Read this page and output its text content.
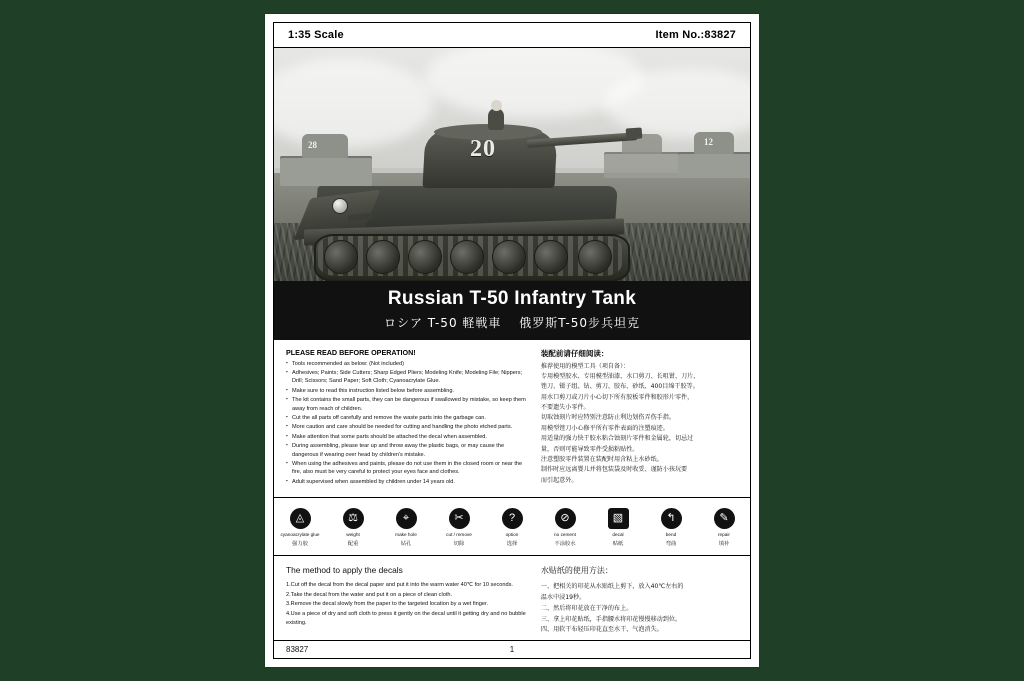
1:35 Scale	Item No.:83827
28	12
20
Russian T-50 Infantry Tank
ロシア T-50 軽戦車　 俄罗斯T-50步兵坦克
PLEASE READ BEFORE OPERATION!
▪ Tools recommended as below: (Not included)
▪ Adhesives; Paints; Side Cutters; Sharp Edged Pliers; Modeling Knife; Modeling File; Nippers; Drill; Scissors; Sand Paper; Soft Cloth; Cyanoacrylate Glue.
▪ Make sure to read this instruction listed below before assembling.
▪ The kit contains the small parts, they can be dangerous if swallowed by mistake, so keep them away from reach of children.
▪ Cut the all parts off carefully and remove the waste parts into the garbage can.
▪ More caution and care should be needed for cutting and handling the photo etched parts.
▪ Make attention that some parts should be attached the decal when assembled.
▪ During assembling, please tear up and throw away the plastic bags, or may cause the dangerous if wearing over head by children's mistake.
▪ When using the adhesives and paints, please do not use them in the closed room or near the fire, also must be very careful to protect your eyes face and clothes.
▪ Adult supervised when assembled by children under 14 years old.

装配前请仔细阅读：

推荐使用的模型工具（项自备）：
专用模型胶水、专用模型油漆、水口剪刀、长咀钳、刀片、
锉刀、镊子组、钻、剪刀、胶布、砂纸、400目绵干胶等。
用水口剪刀或刀片小心切下所有胶板零件和胶形片零件，
不要遗失小零件。
切取蚀刻片时应特别注意防止利边划伤弄伤手指。
用模型锉刀小心修平所有零件表面的注塑痕迹。
用适量的强力快干胶水粘合蚀刻片零件和金属轮，切忌过
量，否则可能导致零件受损粘贴性。
注意塑胶零件装置在装配时用含粘上水砂纸。
制作时应远离婴儿并将包装袋及时收妥、谨防小孩玩要
而引起意外。
◬
cyanoacrylate glue
强力胶
⚖
weight
配重
⌖
make hole
钻孔
✂
cut / remove
切除
?
option
选择
⊘
no cement
不涂胶水
▧
decal
贴纸
↰
bend
弯曲
✎
repair
填补
The method to apply the decals
1.Cut off the decal from the decal paper and put it into the warm water 40℃ for 10 seconds.
2.Take the decal from the water and put it on a piece of clean cloth.
3.Remove the decal slowly from the paper to the targeted location by a wet finger.
4.Use a piece of dry and soft cloth to press it gently on the decal until it getting dry and no bubble existing.
水贴纸的使用方法：
一、把相关的印花从水贴纸上剪下，放入40℃左右的
温水中浸19秒。
二、然后将印花放在干净的布上。
三、拿上印花贴纸，手指腰水将印花慢慢移动到位。
四、用软干布轻压印花直至水干，气泡消失。
83827	1
